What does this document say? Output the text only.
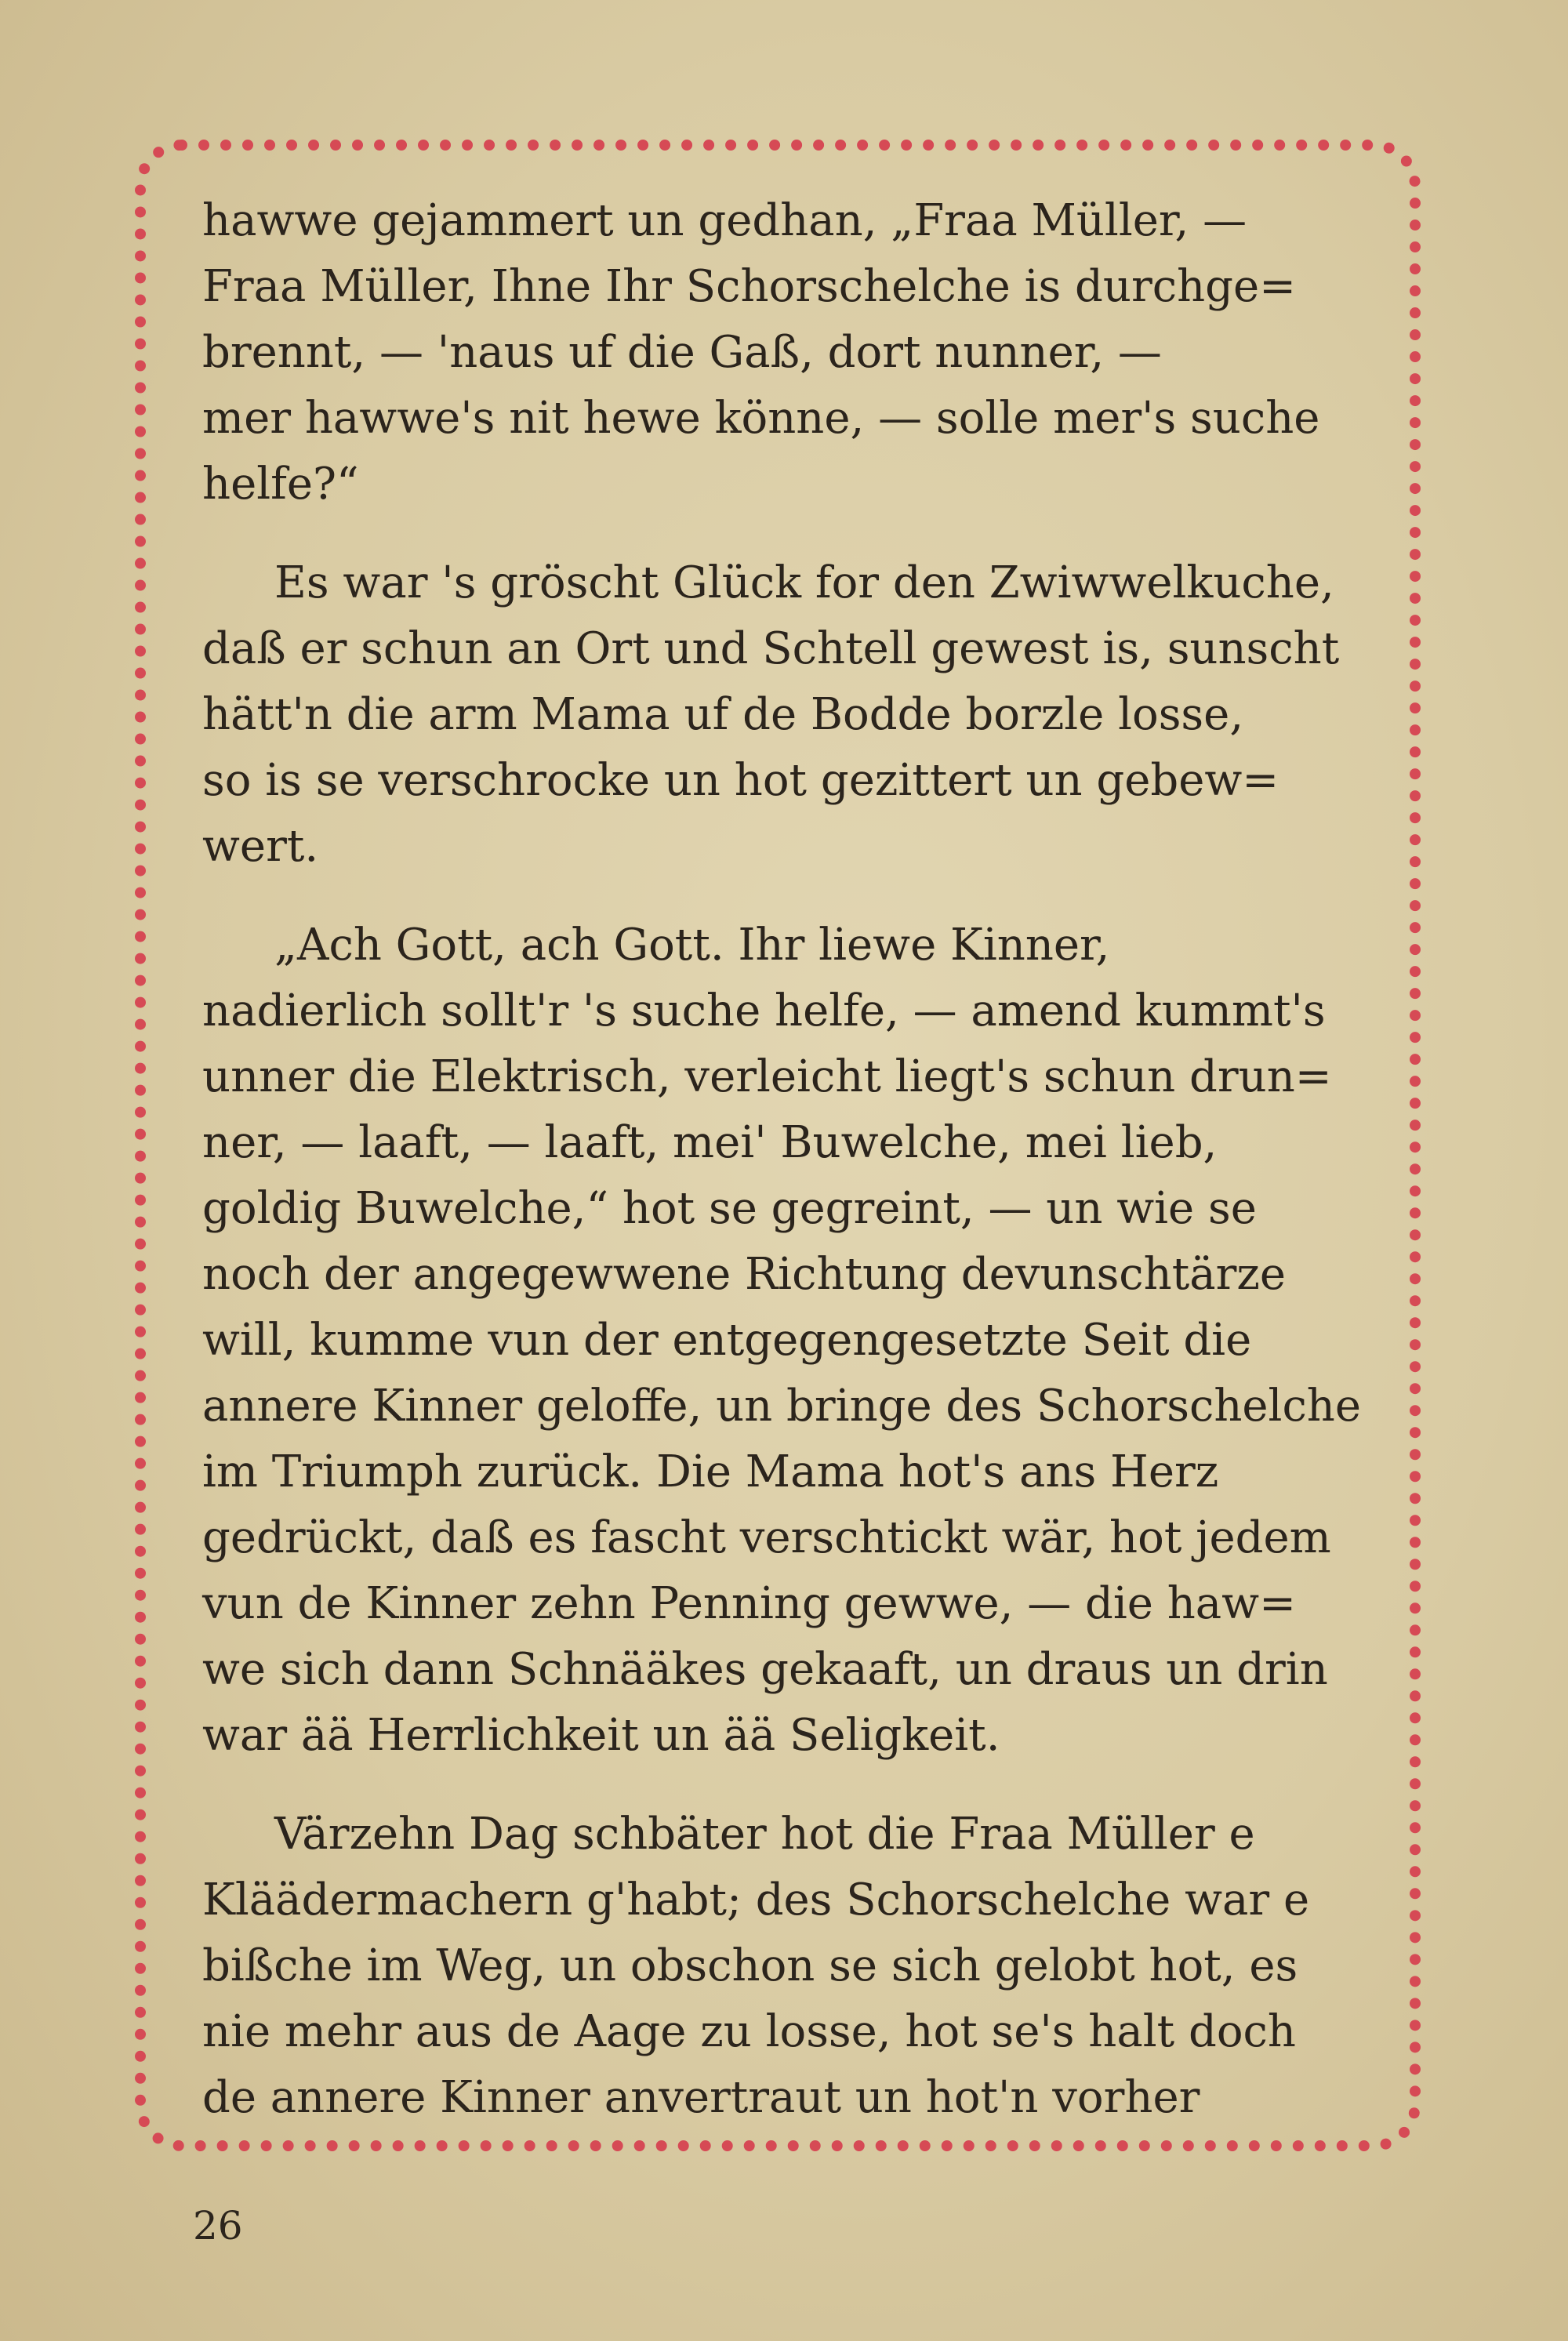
hawwe gejammert un gedhan, „Fraa Müller, —
Fraa Müller, Ihne Ihr Schorschelche is durchge=
brennt, — 'naus uf die Gaß, dort nunner, —
mer hawwe's nit hewe könne, — solle mer's suche
helfe?“

Es war 's gröscht Glück for den Zwiwwelkuche,
daß er schun an Ort und Schtell gewest is, sunscht
hätt'n die arm Mama uf de Bodde borzle losse,
so is se verschrocke un hot gezittert un gebew=
wert.

„Ach Gott, ach Gott. Ihr liewe Kinner,
nadierlich sollt'r 's suche helfe, — amend kummt's
unner die Elektrisch, verleicht liegt's schun drun=
ner, — laaft, — laaft, mei' Buwelche, mei lieb,
goldig Buwelche,“ hot se gegreint, — un wie se
noch der angegewwene Richtung devunschtärze
will, kumme vun der entgegengesetzte Seit die
annere Kinner geloffe, un bringe des Schorschelche
im Triumph zurück. Die Mama hot's ans Herz
gedrückt, daß es fascht verschtickt wär, hot jedem
vun de Kinner zehn Penning gewwe, — die haw=
we sich dann Schnääkes gekaaft, un draus un drin
war ää Herrlichkeit un ää Seligkeit.

Värzehn Dag schbäter hot die Fraa Müller e
Kläädermachern g'habt; des Schorschelche war e
bißche im Weg, un obschon se sich gelobt hot, es
nie mehr aus de Aage zu losse, hot se's halt doch
de annere Kinner anvertraut un hot'n vorher

26
